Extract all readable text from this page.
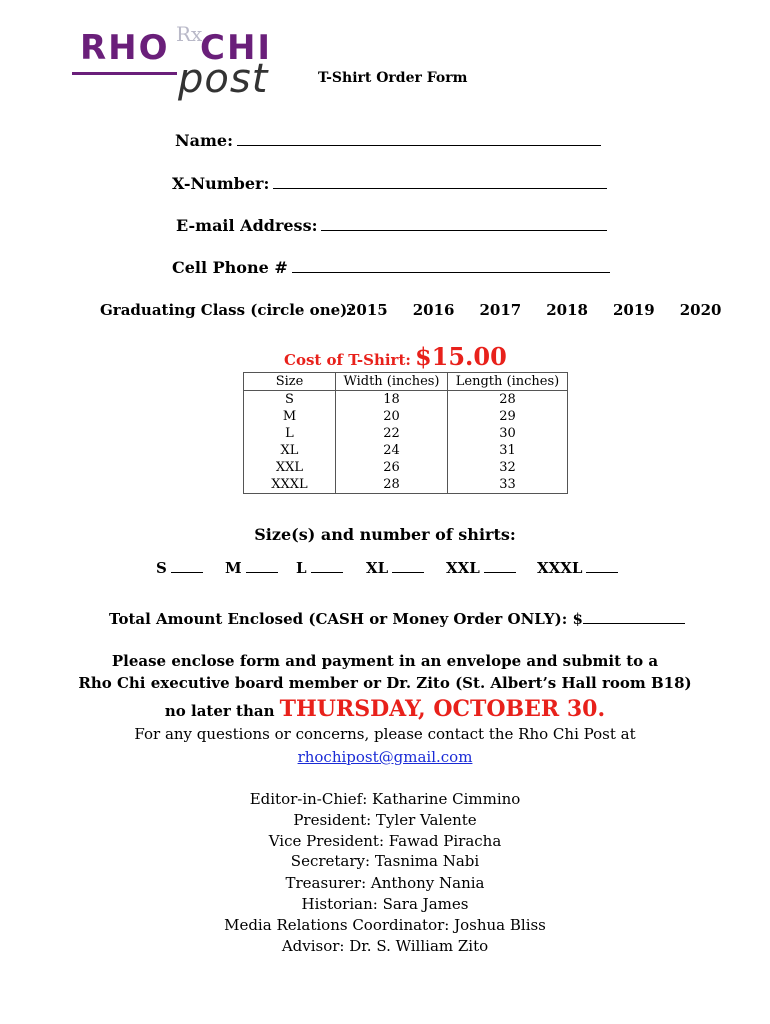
RHO Rx
CHI
post	T-Shirt Order Form
Name:
X-Number:
E-mail Address:
Cell Phone #
Graduating Class (circle one):
2015 2016 2017 2018 2019 2020
Cost of T-Shirt: $15.00
Size	Width (inches)	Length (inches)
S	18	28
M	20	29
L	22	30
XL	24	31
XXL	26	32
XXXL	28	33
Size(s) and number of shirts:
S	M	L	XL	XXL	XXXL
Total Amount Enclosed (CASH or Money Order ONLY): $
Please enclose form and payment in an envelope and submit to a
Rho Chi executive board member or Dr. Zito (St. Albert’s Hall room B18)
no later than THURSDAY, OCTOBER 30.
For any questions or concerns, please contact the Rho Chi Post at
rhochipost@gmail.com
Editor-in-Chief: Katharine Cimmino
President: Tyler Valente
Vice President: Fawad Piracha
Secretary: Tasnima Nabi
Treasurer: Anthony Nania
Historian: Sara James
Media Relations Coordinator: Joshua Bliss
Advisor: Dr. S. William Zito
